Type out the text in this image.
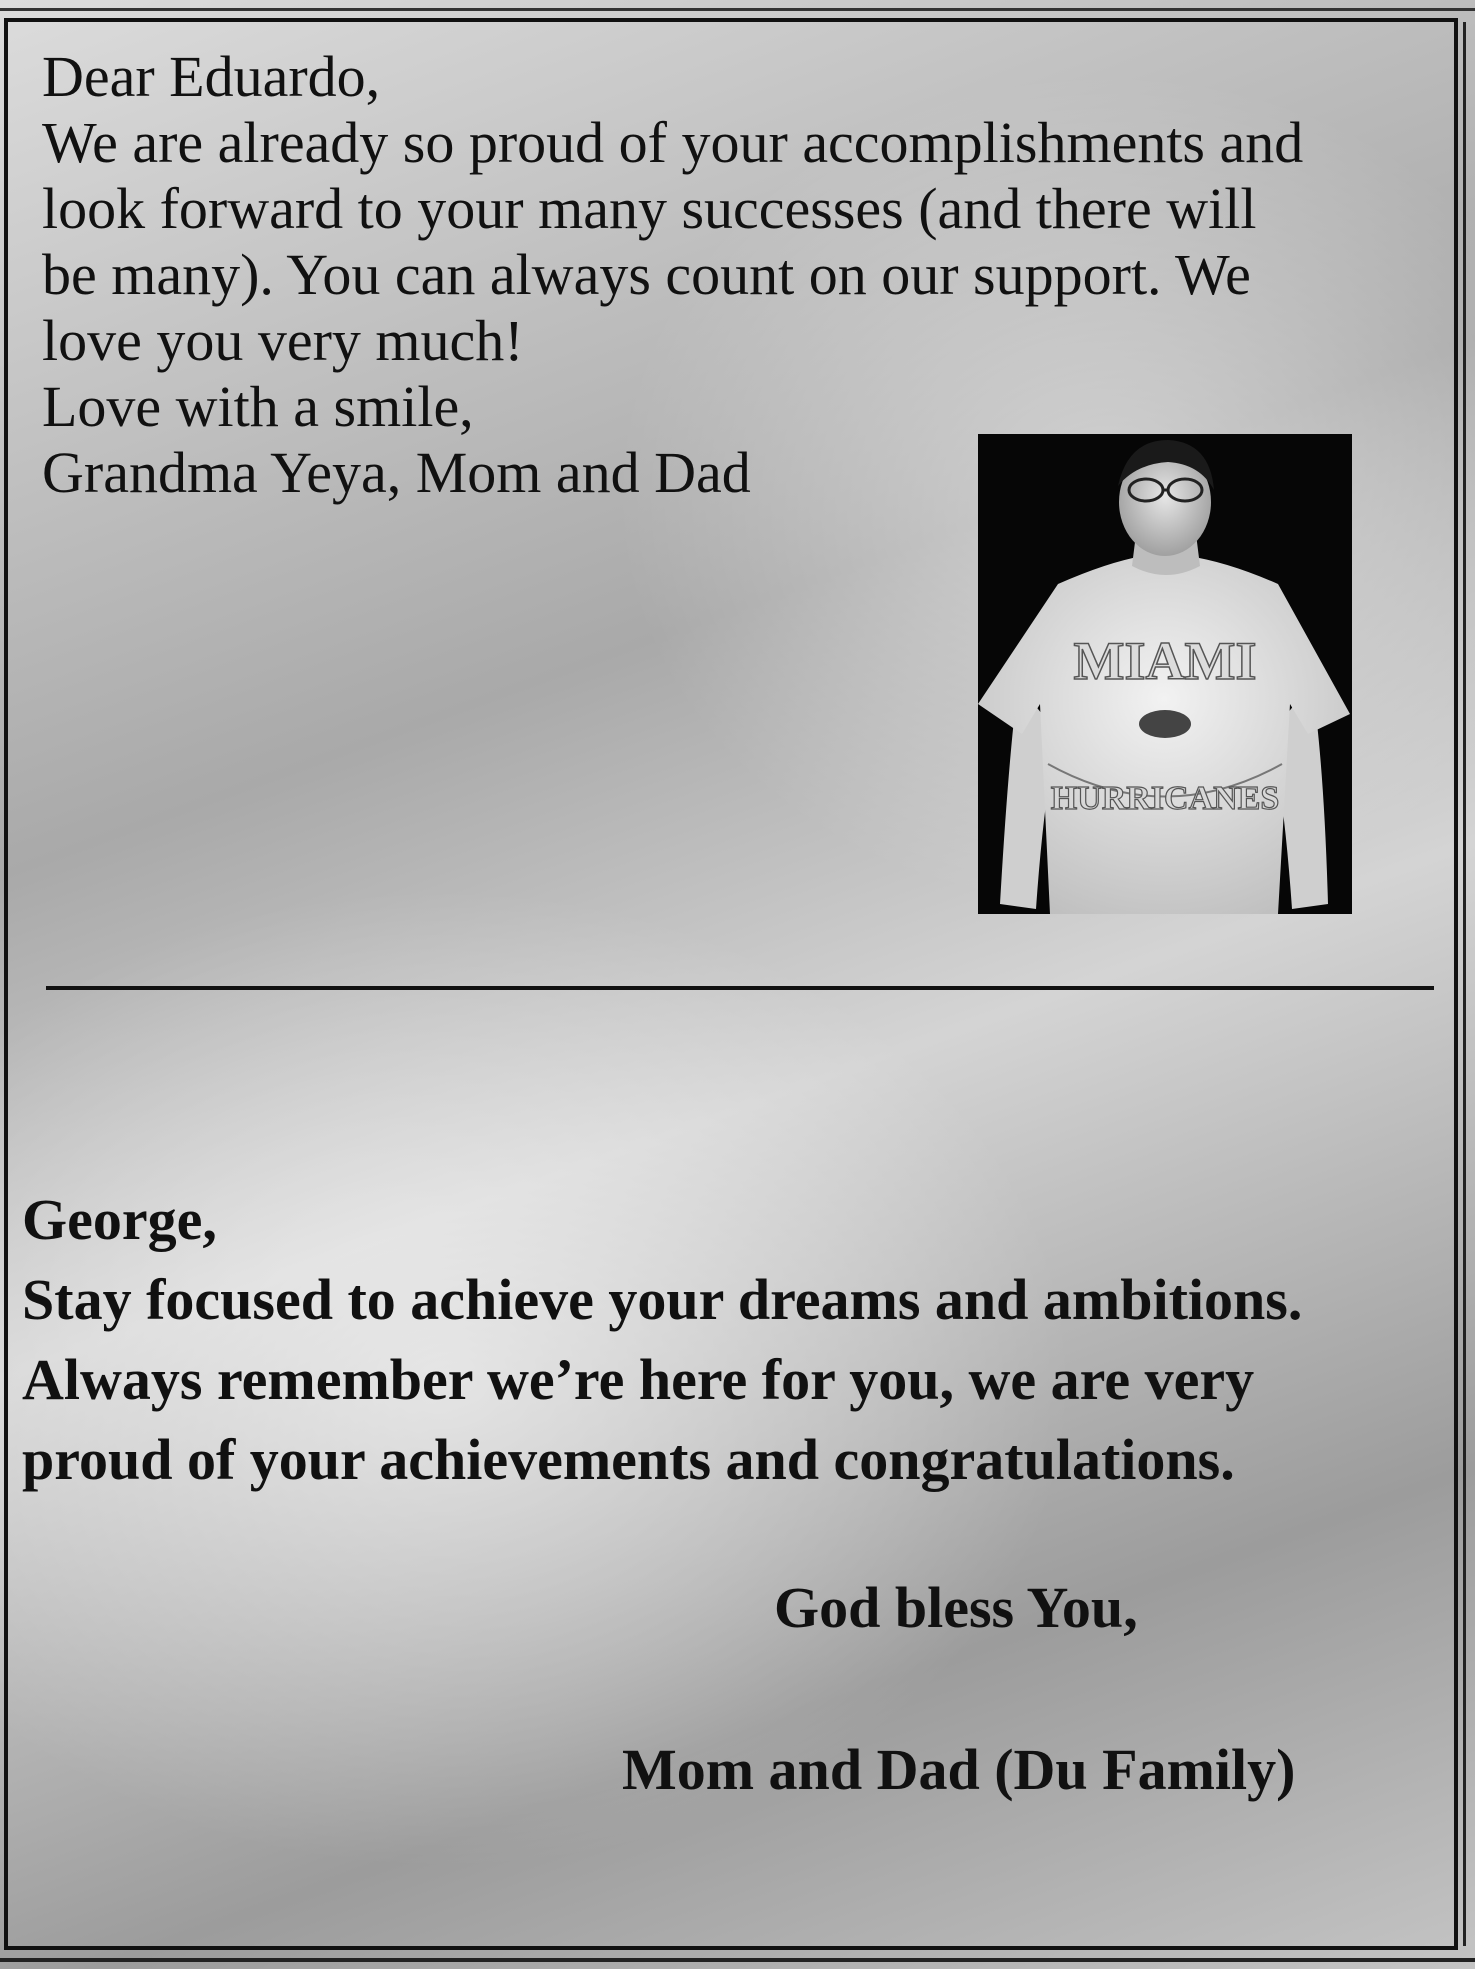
Dear Eduardo,

We are already so proud of your accomplishments and

look forward to your many successes (and there will

be many). You can always count on our support. We

love you very much!

Love with a smile,

Grandma Yeya, Mom and Dad

MIAMI
HURRICANES

George,

Stay focused to achieve your dreams and ambitions.

Always remember we’re here for you, we are very

proud of your achievements and congratulations.

God bless You,
Mom and Dad (Du Family)
